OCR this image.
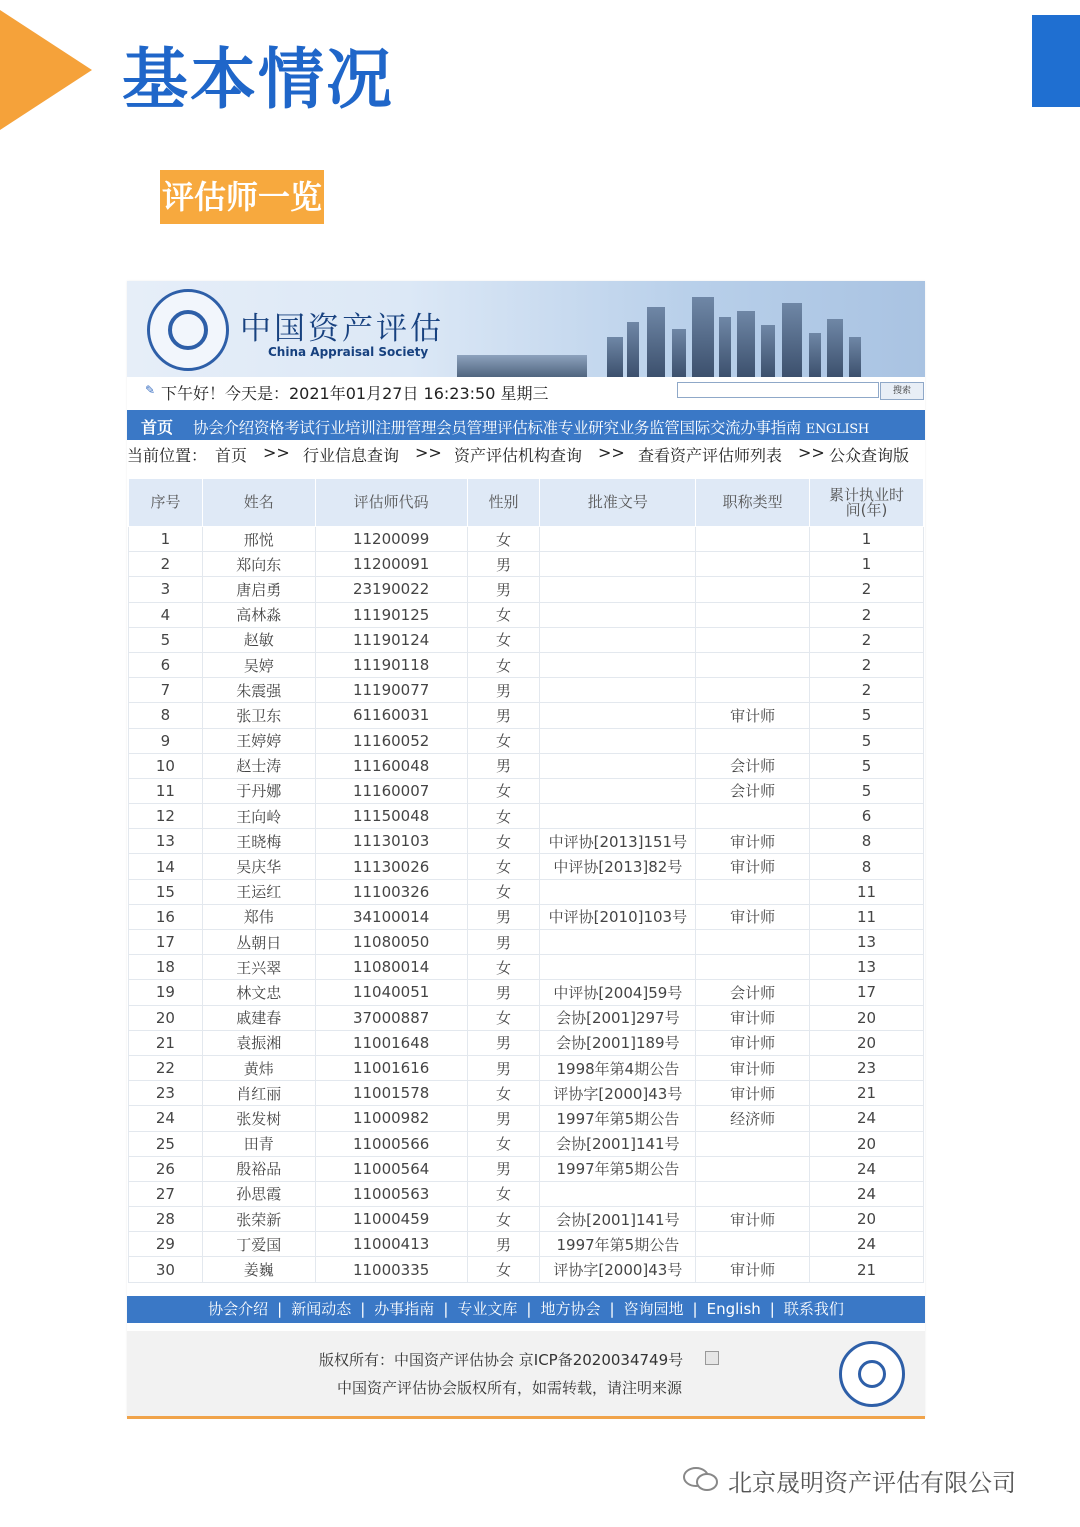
基本情况
评估师一览
中国资产评估
China Appraisal Society
✎ 下午好！今天是：2021年01月27日 16:23:50 星期三	搜索
首页 协会介绍资格考试行业培训注册管理会员管理评估标准专业研究业务监管国际交流办事指南 ENGLISH
当前位置： 首页 >> 行业信息查询 >> 资产评估机构查询 >> 查看资产评估师列表 >> 公众查询版
序号	姓名	评估师代码	性别	批准文号	职称类型	累计执业时间(年)
1	邢悦	11200099	女			1
2	郑向东	11200091	男			1
3	唐启勇	23190022	男			2
4	高林淼	11190125	女			2
5	赵敏	11190124	女			2
6	吴婷	11190118	女			2
7	朱震强	11190077	男			2
8	张卫东	61160031	男		审计师	5
9	王婷婷	11160052	女			5
10	赵士涛	11160048	男		会计师	5
11	于丹娜	11160007	女		会计师	5
12	王向岭	11150048	女			6
13	王晓梅	11130103	女	中评协[2013]151号	审计师	8
14	吴庆华	11130026	女	中评协[2013]82号	审计师	8
15	王运红	11100326	女			11
16	郑伟	34100014	男	中评协[2010]103号	审计师	11
17	丛朝日	11080050	男			13
18	王兴翠	11080014	女			13
19	林文忠	11040051	男	中评协[2004]59号	会计师	17
20	戚建春	37000887	女	会协[2001]297号	审计师	20
21	袁振湘	11001648	男	会协[2001]189号	审计师	20
22	黄炜	11001616	男	1998年第4期公告	审计师	23
23	肖红丽	11001578	女	评协字[2000]43号	审计师	21
24	张发树	11000982	男	1997年第5期公告	经济师	24
25	田青	11000566	女	会协[2001]141号		20
26	殷裕品	11000564	男	1997年第5期公告		24
27	孙思霞	11000563	女			24
28	张荣新	11000459	女	会协[2001]141号	审计师	20
29	丁爱国	11000413	男	1997年第5期公告		24
30	姜巍	11000335	女	评协字[2000]43号	审计师	21
协会介绍 | 新闻动态 | 办事指南 | 专业文库 | 地方协会 | 咨询园地 | English | 联系我们
版权所有：中国资产评估协会 京ICP备2020034749号
中国资产评估协会版权所有，如需转载，请注明来源
北京晟明资产评估有限公司
